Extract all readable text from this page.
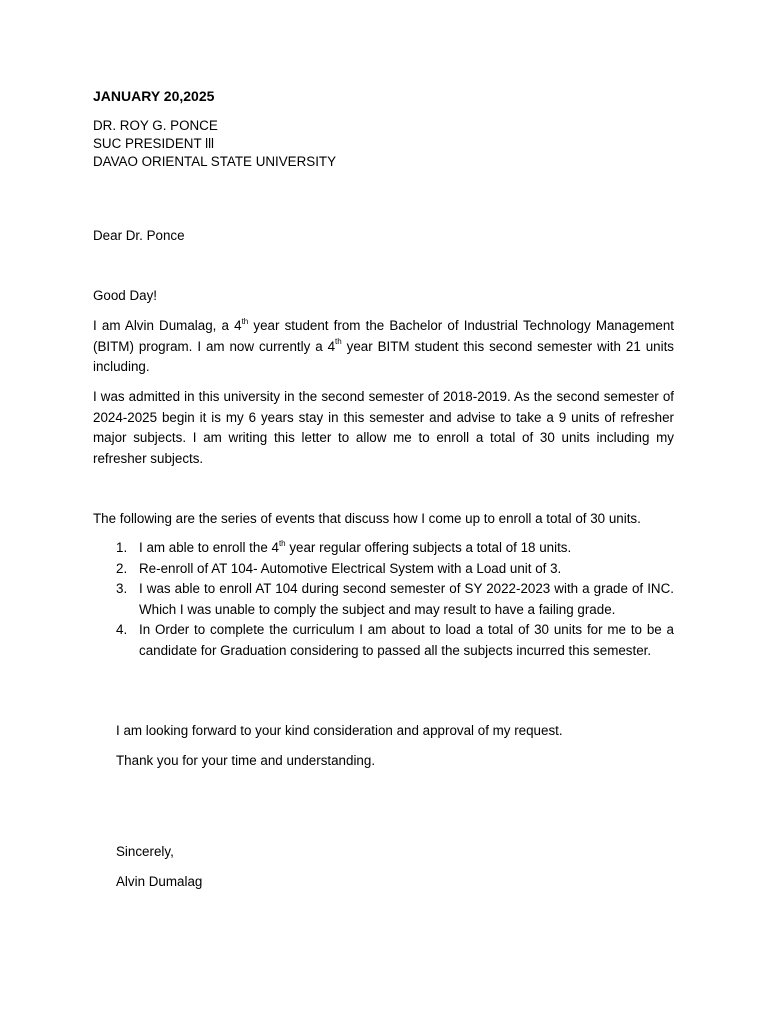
JANUARY 20,2025
DR. ROY G. PONCE
SUC PRESIDENT lll
DAVAO ORIENTAL STATE UNIVERSITY
Dear Dr. Ponce
Good Day!
I am Alvin Dumalag, a 4th year student from the Bachelor of Industrial Technology Management (BITM) program. I am now currently a 4th year BITM student this second semester with 21 units including.
I was admitted in this university in the second semester of 2018-2019. As the second semester of 2024-2025 begin it is my 6 years stay in this semester and advise to take a 9 units of refresher major subjects. I am writing this letter to allow me to enroll a total of 30 units including my refresher subjects.
The following are the series of events that discuss how I come up to enroll a total of 30 units.
1. I am able to enroll the 4th year regular offering subjects a total of 18 units.
2. Re-enroll of AT 104- Automotive Electrical System with a Load unit of 3.
3. I was able to enroll AT 104 during second semester of SY 2022-2023 with a grade of INC. Which I was unable to comply the subject and may result to have a failing grade.
4. In Order to complete the curriculum I am about to load a total of 30 units for me to be a candidate for Graduation considering to passed all the subjects incurred this semester.
I am looking forward to your kind consideration and approval of my request.
Thank you for your time and understanding.
Sincerely,
Alvin Dumalag
